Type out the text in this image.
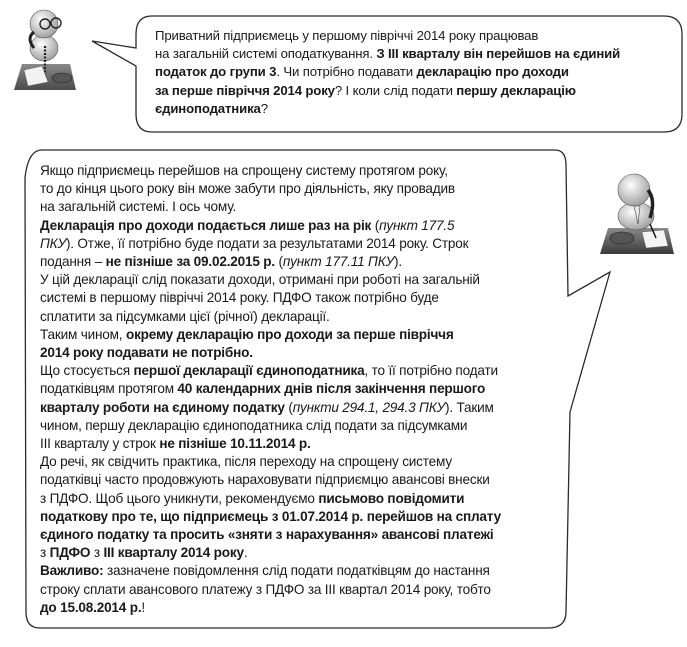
Приватний підприємець у першому півріччі 2014 року працював
на загальній системі оподаткування. З III кварталу він перейшов на єдиний
податок до групи 3. Чи потрібно подавати декларацію про доходи
за перше півріччя 2014 року? І коли слід подати першу декларацію
єдиноподатника?
Якщо підприємець перейшов на спрощену систему протягом року,
то до кінця цього року він може забути про діяльність, яку провадив
на загальній системі. І ось чому.
Декларація про доходи подається лише раз на рік (пункт 177.5
ПКУ). Отже, її потрібно буде подати за результатами 2014 року. Строк
подання – не пізніше за 09.02.2015 р. (пункт 177.11 ПКУ).
У цій декларації слід показати доходи, отримані при роботі на загальній
системі в першому півріччі 2014 року. ПДФО також потрібно буде
сплатити за підсумками цієї (річної) декларації.
Таким чином, окрему декларацію про доходи за перше півріччя
2014 року подавати не потрібно.
Що стосується першої декларації єдиноподатника, то її потрібно подати
податківцям протягом 40 календарних днів після закінчення першого
кварталу роботи на єдиному податку (пункти 294.1, 294.3 ПКУ). Таким
чином, першу декларацію єдиноподатника слід подати за підсумками
III кварталу у строк не пізніше 10.11.2014 р.
До речі, як свідчить практика, після переходу на спрощену систему
податківці часто продовжують нараховувати підприємцю авансові внески
з ПДФО. Щоб цього уникнути, рекомендуємо письмово повідомити
податкову про те, що підприємець з 01.07.2014 р. перейшов на сплату
єдиного податку та просить «зняти з нарахування» авансові платежі
з ПДФО з III кварталу 2014 року.
Важливо: зазначене повідомлення слід подати податківцям до настання
строку сплати авансового платежу з ПДФО за III квартал 2014 року, тобто
до 15.08.2014 р.!
